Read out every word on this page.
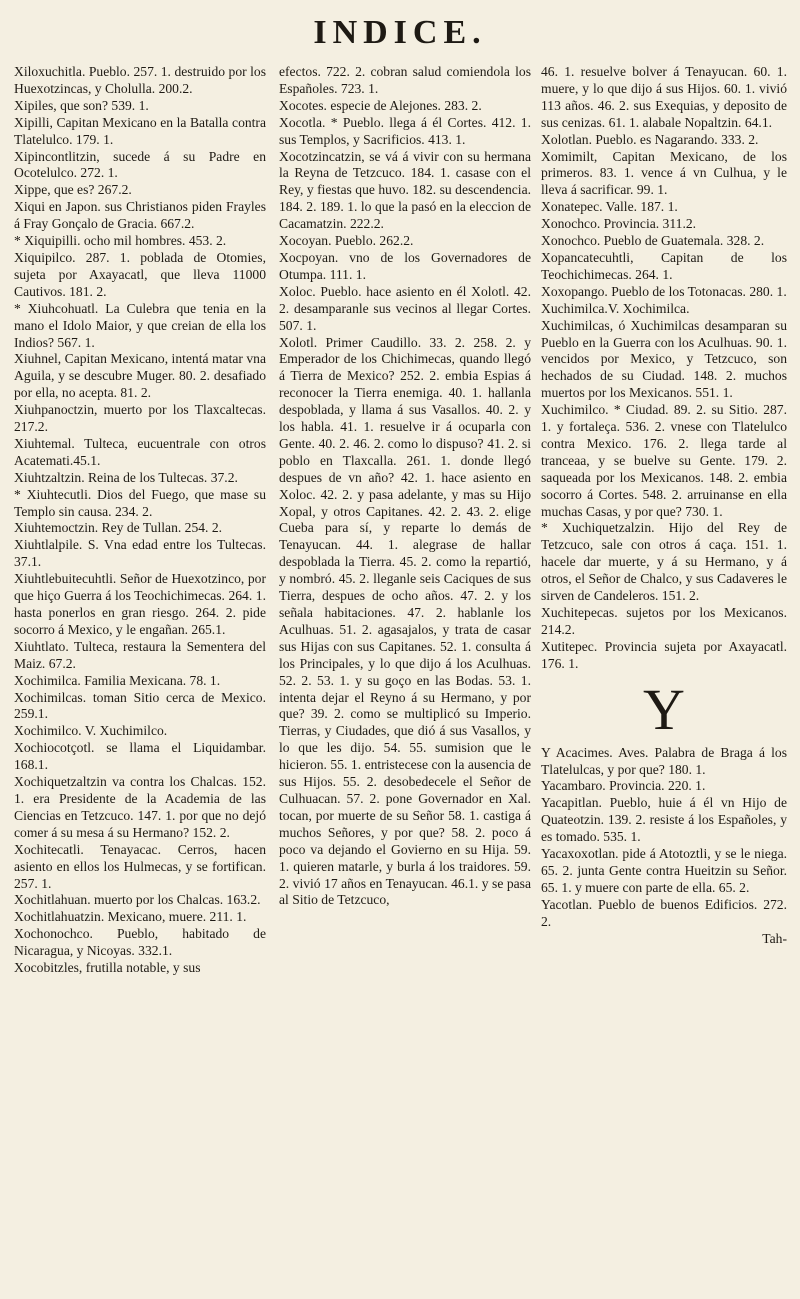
INDICE.

Xiloxuchitla. Pueblo. 257. 1. destruido por los Huexotzincas, y Cholulla. 200.2.

Xipiles, que son? 539. 1.

Xipilli, Capitan Mexicano en la Batalla contra Tlatelulco. 179. 1.

Xipincontlitzin, sucede á su Padre en Ocotelulco. 272. 1.

Xippe, que es? 267.2.

Xiqui en Japon. sus Christianos piden Frayles á Fray Gonçalo de Gracia. 667.2.

* Xiquipilli. ocho mil hombres. 453. 2.

Xiquipilco. 287. 1. poblada de Otomies, sujeta por Axayacatl, que lleva 11000 Cautivos. 181. 2.

* Xiuhcohuatl. La Culebra que tenia en la mano el Idolo Maior, y que creian de ella los Indios? 567. 1.

Xiuhnel, Capitan Mexicano, intentá matar vna Aguila, y se descubre Muger. 80. 2. desafiado por ella, no acepta. 81. 2.

Xiuhpanoctzin, muerto por los Tlaxcaltecas. 217.2.

Xiuhtemal. Tulteca, eucuentrale con otros Acatemati.45.1.

Xiuhtzaltzin. Reina de los Tultecas. 37.2.

* Xiuhtecutli. Dios del Fuego, que mase su Templo sin causa. 234. 2.

Xiuhtemoctzin. Rey de Tullan. 254. 2.

Xiuhtlalpile. S. Vna edad entre los Tultecas. 37.1.

Xiuhtlebuitecuhtli. Señor de Huexotzinco, por que hiço Guerra á los Teochichimecas. 264. 1. hasta ponerlos en gran riesgo. 264. 2. pide socorro á Mexico, y le engañan. 265.1.

Xiuhtlato. Tulteca, restaura la Sementera del Maiz. 67.2.

Xochimilca. Familia Mexicana. 78. 1.

Xochimilcas. toman Sitio cerca de Mexico. 259.1.

Xochimilco. V. Xuchimilco.

Xochiocotçotl. se llama el Liquidambar. 168.1.

Xochiquetzaltzin va contra los Chalcas. 152. 1. era Presidente de la Academia de las Ciencias en Tetzcuco. 147. 1. por que no dejó comer á su mesa á su Hermano? 152. 2.

Xochitecatli. Tenayacac. Cerros, hacen asiento en ellos los Hulmecas, y se fortifican. 257. 1.

Xochitlahuan. muerto por los Chalcas. 163.2.

Xochitlahuatzin. Mexicano, muere. 211. 1.

Xochonochco. Pueblo, habitado de Nicaragua, y Nicoyas. 332.1.

Xocobitzles, frutilla notable, y sus

efectos. 722. 2. cobran salud comiendola los Españoles. 723. 1.

Xocotes. especie de Alejones. 283. 2.

Xocotla. * Pueblo. llega á él Cortes. 412. 1. sus Templos, y Sacrificios. 413. 1.

Xocotzincatzin, se vá á vivir con su hermana la Reyna de Tetzcuco. 184. 1. casase con el Rey, y fiestas que huvo. 182. su descendencia. 184. 2. 189. 1. lo que la pasó en la eleccion de Cacamatzin. 222.2.

Xocoyan. Pueblo. 262.2.

Xocpoyan. vno de los Governadores de Otumpa. 111. 1.

Xoloc. Pueblo. hace asiento en él Xolotl. 42. 2. desamparanle sus vecinos al llegar Cortes. 507. 1.

Xolotl. Primer Caudillo. 33. 2. 258. 2. y Emperador de los Chichimecas, quando llegó á Tierra de Mexico? 252. 2. embia Espias á reconocer la Tierra enemiga. 40. 1. hallanla despoblada, y llama á sus Vasallos. 40. 2. y los habla. 41. 1. resuelve ir á ocuparla con Gente. 40. 2. 46. 2. como lo dispuso? 41. 2. si poblo en Tlaxcalla. 261. 1. donde llegó despues de vn año? 42. 1. hace asiento en Xoloc. 42. 2. y pasa adelante, y mas su Hijo Xopal, y otros Capitanes. 42. 2. 43. 2. elige Cueba para sí, y reparte lo demás de Tenayucan. 44. 1. alegrase de hallar despoblada la Tierra. 45. 2. como la repartió, y nombró. 45. 2. lleganle seis Caciques de sus Tierra, despues de ocho años. 47. 2. y los señala habitaciones. 47. 2. hablanle los Aculhuas. 51. 2. agasajalos, y trata de casar sus Hijas con sus Capitanes. 52. 1. consulta á los Principales, y lo que dijo á los Aculhuas. 52. 2. 53. 1. y su goço en las Bodas. 53. 1. intenta dejar el Reyno á su Hermano, y por que? 39. 2. como se multiplicó su Imperio. Tierras, y Ciudades, que dió á sus Vasallos, y lo que les dijo. 54. 55. sumision que le hicieron. 55. 1. entristecese con la ausencia de sus Hijos. 55. 2. desobedecele el Señor de Culhuacan. 57. 2. pone Governador en Xal. tocan, por muerte de su Señor 58. 1. castiga á muchos Señores, y por que? 58. 2. poco á poco va dejando el Govierno en su Hija. 59. 1. quieren matarle, y burla á los traidores. 59. 2. vivió 17 años en Tenayucan. 46.1. y se pasa al Sitio de Tetzcuco,

46. 1. resuelve bolver á Tenayucan. 60. 1. muere, y lo que dijo á sus Hijos. 60. 1. vivió 113 años. 46. 2. sus Exequias, y deposito de sus cenizas. 61. 1. alabale Nopaltzin. 64.1.

Xolotlan. Pueblo. es Nagarando. 333. 2.

Xomimilt, Capitan Mexicano, de los primeros. 83. 1. vence á vn Culhua, y le lleva á sacrificar. 99. 1.

Xonatepec. Valle. 187. 1.

Xonochco. Provincia. 311.2.

Xonochco. Pueblo de Guatemala. 328. 2.

Xopancatecuhtli, Capitan de los Teochichimecas. 264. 1.

Xoxopango. Pueblo de los Totonacas. 280. 1.

Xuchimilca.V. Xochimilca.

Xuchimilcas, ó Xuchimilcas desamparan su Pueblo en la Guerra con los Aculhuas. 90. 1. vencidos por Mexico, y Tetzcuco, son hechados de su Ciudad. 148. 2. muchos muertos por los Mexicanos. 551. 1.

Xuchimilco. * Ciudad. 89. 2. su Sitio. 287. 1. y fortaleça. 536. 2. vnese con Tlatelulco contra Mexico. 176. 2. llega tarde al tranceaa, y se buelve su Gente. 179. 2. saqueada por los Mexicanos. 148. 2. embia socorro á Cortes. 548. 2. arruinanse en ella muchas Casas, y por que? 730. 1.

* Xuchiquetzalzin. Hijo del Rey de Tetzcuco, sale con otros á caça. 151. 1. hacele dar muerte, y á su Hermano, y á otros, el Señor de Chalco, y sus Cadaveres le sirven de Candeleros. 151. 2.

Xuchitepecas. sujetos por los Mexicanos. 214.2.

Xutitepec. Provincia sujeta por Axayacatl. 176. 1.

Y

Y Acacimes. Aves. Palabra de Braga á los Tlatelulcas, y por que? 180. 1.

Yacambaro. Provincia. 220. 1.

Yacapitlan. Pueblo, huie á él vn Hijo de Quateotzin. 139. 2. resiste á los Españoles, y es tomado. 535. 1.

Yacaxoxotlan. pide á Atotoztli, y se le niega. 65. 2. junta Gente contra Hueitzin su Señor. 65. 1. y muere con parte de ella. 65. 2.

Yacotlan. Pueblo de buenos Edificios. 272. 2.

Tah-
